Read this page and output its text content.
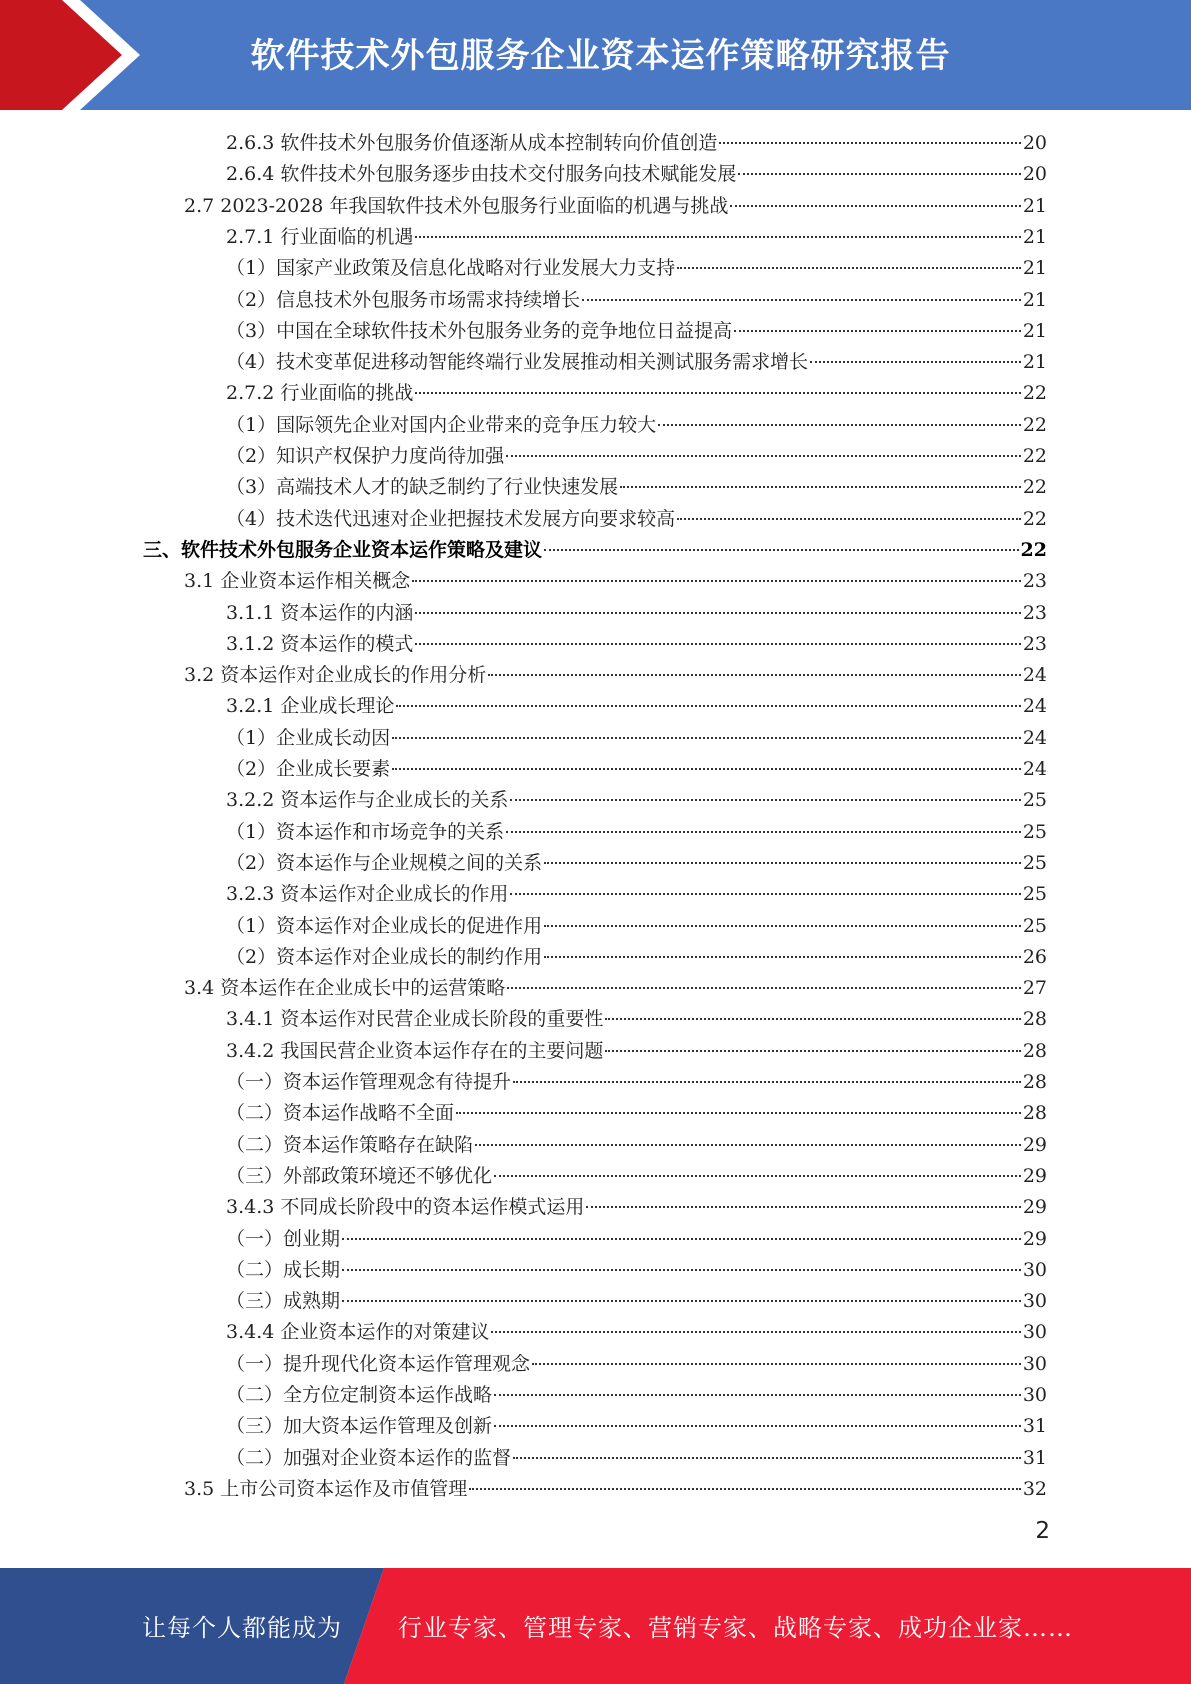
软件技术外包服务企业资本运作策略研究报告
2.6.3 软件技术外包服务价值逐渐从成本控制转向价值创造	20
2.6.4 软件技术外包服务逐步由技术交付服务向技术赋能发展	20
2.7 2023-2028 年我国软件技术外包服务行业面临的机遇与挑战	21
2.7.1 行业面临的机遇	21
（1）国家产业政策及信息化战略对行业发展大力支持	21
（2）信息技术外包服务市场需求持续增长	21
（3）中国在全球软件技术外包服务业务的竞争地位日益提高	21
（4）技术变革促进移动智能终端行业发展推动相关测试服务需求增长	21
2.7.2 行业面临的挑战	22
（1）国际领先企业对国内企业带来的竞争压力较大	22
（2）知识产权保护力度尚待加强	22
（3）高端技术人才的缺乏制约了行业快速发展	22
（4）技术迭代迅速对企业把握技术发展方向要求较高	22
三、软件技术外包服务企业资本运作策略及建议	22
3.1 企业资本运作相关概念	23
3.1.1 资本运作的内涵	23
3.1.2 资本运作的模式	23
3.2 资本运作对企业成长的作用分析	24
3.2.1 企业成长理论	24
（1）企业成长动因	24
（2）企业成长要素	24
3.2.2 资本运作与企业成长的关系	25
（1）资本运作和市场竞争的关系	25
（2）资本运作与企业规模之间的关系	25
3.2.3 资本运作对企业成长的作用	25
（1）资本运作对企业成长的促进作用	25
（2）资本运作对企业成长的制约作用	26
3.4 资本运作在企业成长中的运营策略	27
3.4.1 资本运作对民营企业成长阶段的重要性	28
3.4.2 我国民营企业资本运作存在的主要问题	28
（一）资本运作管理观念有待提升	28
（二）资本运作战略不全面	28
（二）资本运作策略存在缺陷	29
（三）外部政策环境还不够优化	29
3.4.3 不同成长阶段中的资本运作模式运用	29
（一）创业期	29
（二）成长期	30
（三）成熟期	30
3.4.4 企业资本运作的对策建议	30
（一）提升现代化资本运作管理观念	30
（二）全方位定制资本运作战略	30
（三）加大资本运作管理及创新	31
（二）加强对企业资本运作的监督	31
3.5 上市公司资本运作及市值管理	32
2
让每个人都能成为 行业专家、管理专家、营销专家、战略专家、成功企业家……
